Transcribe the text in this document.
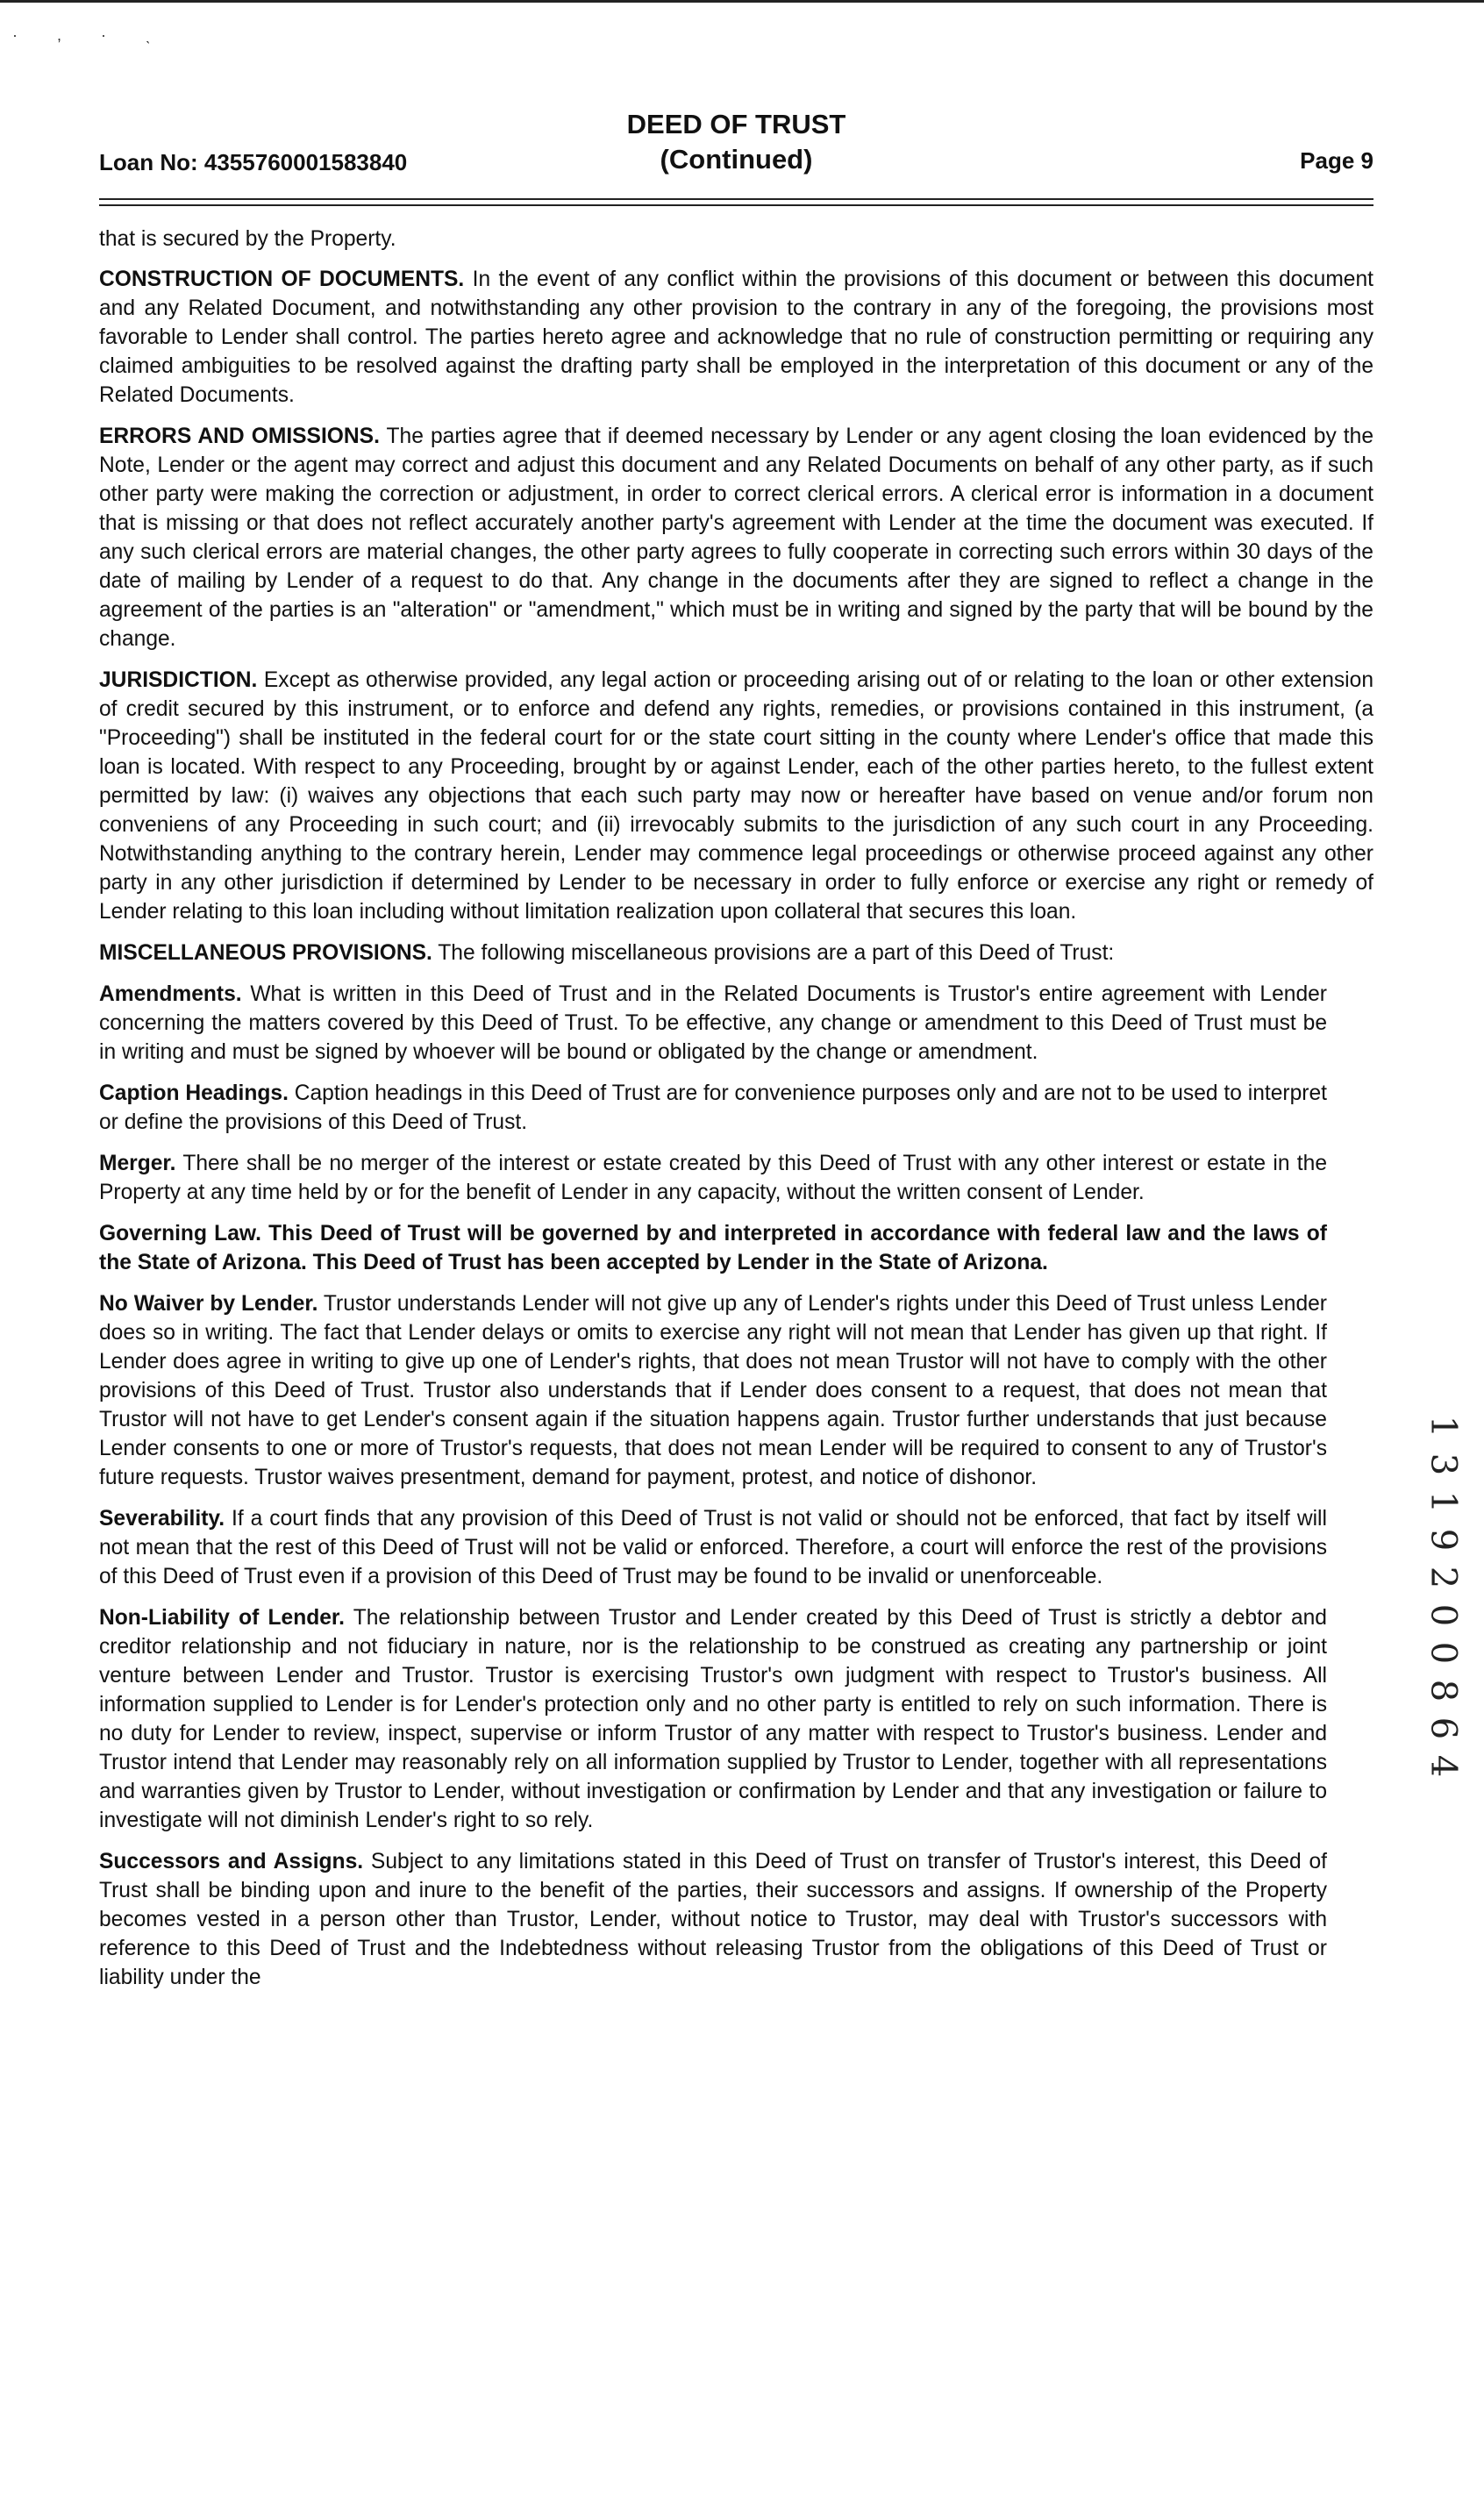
· , · ˎ
Loan No: 4355760001583840
DEED OF TRUST
(Continued)	Page 9

that is secured by the Property.

CONSTRUCTION OF DOCUMENTS. In the event of any conflict within the provisions of this document or between this document and any Related Document, and notwithstanding any other provision to the contrary in any of the foregoing, the provisions most favorable to Lender shall control. The parties hereto agree and acknowledge that no rule of construction permitting or requiring any claimed ambiguities to be resolved against the drafting party shall be employed in the interpretation of this document or any of the Related Documents.

ERRORS AND OMISSIONS. The parties agree that if deemed necessary by Lender or any agent closing the loan evidenced by the Note, Lender or the agent may correct and adjust this document and any Related Documents on behalf of any other party, as if such other party were making the correction or adjustment, in order to correct clerical errors. A clerical error is information in a document that is missing or that does not reflect accurately another party's agreement with Lender at the time the document was executed. If any such clerical errors are material changes, the other party agrees to fully cooperate in correcting such errors within 30 days of the date of mailing by Lender of a request to do that. Any change in the documents after they are signed to reflect a change in the agreement of the parties is an "alteration" or "amendment," which must be in writing and signed by the party that will be bound by the change.

JURISDICTION. Except as otherwise provided, any legal action or proceeding arising out of or relating to the loan or other extension of credit secured by this instrument, or to enforce and defend any rights, remedies, or provisions contained in this instrument, (a "Proceeding") shall be instituted in the federal court for or the state court sitting in the county where Lender's office that made this loan is located. With respect to any Proceeding, brought by or against Lender, each of the other parties hereto, to the fullest extent permitted by law: (i) waives any objections that each such party may now or hereafter have based on venue and/or forum non conveniens of any Proceeding in such court; and (ii) irrevocably submits to the jurisdiction of any such court in any Proceeding. Notwithstanding anything to the contrary herein, Lender may commence legal proceedings or otherwise proceed against any other party in any other jurisdiction if determined by Lender to be necessary in order to fully enforce or exercise any right or remedy of Lender relating to this loan including without limitation realization upon collateral that secures this loan.

MISCELLANEOUS PROVISIONS. The following miscellaneous provisions are a part of this Deed of Trust:

Amendments. What is written in this Deed of Trust and in the Related Documents is Trustor's entire agreement with Lender concerning the matters covered by this Deed of Trust. To be effective, any change or amendment to this Deed of Trust must be in writing and must be signed by whoever will be bound or obligated by the change or amendment.

Caption Headings. Caption headings in this Deed of Trust are for convenience purposes only and are not to be used to interpret or define the provisions of this Deed of Trust.

Merger. There shall be no merger of the interest or estate created by this Deed of Trust with any other interest or estate in the Property at any time held by or for the benefit of Lender in any capacity, without the written consent of Lender.

Governing Law. This Deed of Trust will be governed by and interpreted in accordance with federal law and the laws of the State of Arizona. This Deed of Trust has been accepted by Lender in the State of Arizona.

No Waiver by Lender. Trustor understands Lender will not give up any of Lender's rights under this Deed of Trust unless Lender does so in writing. The fact that Lender delays or omits to exercise any right will not mean that Lender has given up that right. If Lender does agree in writing to give up one of Lender's rights, that does not mean Trustor will not have to comply with the other provisions of this Deed of Trust. Trustor also understands that if Lender does consent to a request, that does not mean that Trustor will not have to get Lender's consent again if the situation happens again. Trustor further understands that just because Lender consents to one or more of Trustor's requests, that does not mean Lender will be required to consent to any of Trustor's future requests. Trustor waives presentment, demand for payment, protest, and notice of dishonor.

Severability. If a court finds that any provision of this Deed of Trust is not valid or should not be enforced, that fact by itself will not mean that the rest of this Deed of Trust will not be valid or enforced. Therefore, a court will enforce the rest of the provisions of this Deed of Trust even if a provision of this Deed of Trust may be found to be invalid or unenforceable.

Non-Liability of Lender. The relationship between Trustor and Lender created by this Deed of Trust is strictly a debtor and creditor relationship and not fiduciary in nature, nor is the relationship to be construed as creating any partnership or joint venture between Lender and Trustor. Trustor is exercising Trustor's own judgment with respect to Trustor's business. All information supplied to Lender is for Lender's protection only and no other party is entitled to rely on such information. There is no duty for Lender to review, inspect, supervise or inform Trustor of any matter with respect to Trustor's business. Lender and Trustor intend that Lender may reasonably rely on all information supplied by Trustor to Lender, together with all representations and warranties given by Trustor to Lender, without investigation or confirmation by Lender and that any investigation or failure to investigate will not diminish Lender's right to so rely.

Successors and Assigns. Subject to any limitations stated in this Deed of Trust on transfer of Trustor's interest, this Deed of Trust shall be binding upon and inure to the benefit of the parties, their successors and assigns. If ownership of the Property becomes vested in a person other than Trustor, Lender, without notice to Trustor, may deal with Trustor's successors with reference to this Deed of Trust and the Indebtedness without releasing Trustor from the obligations of this Deed of Trust or liability under the

1
3
1
9
2
0
0
8
6
4
